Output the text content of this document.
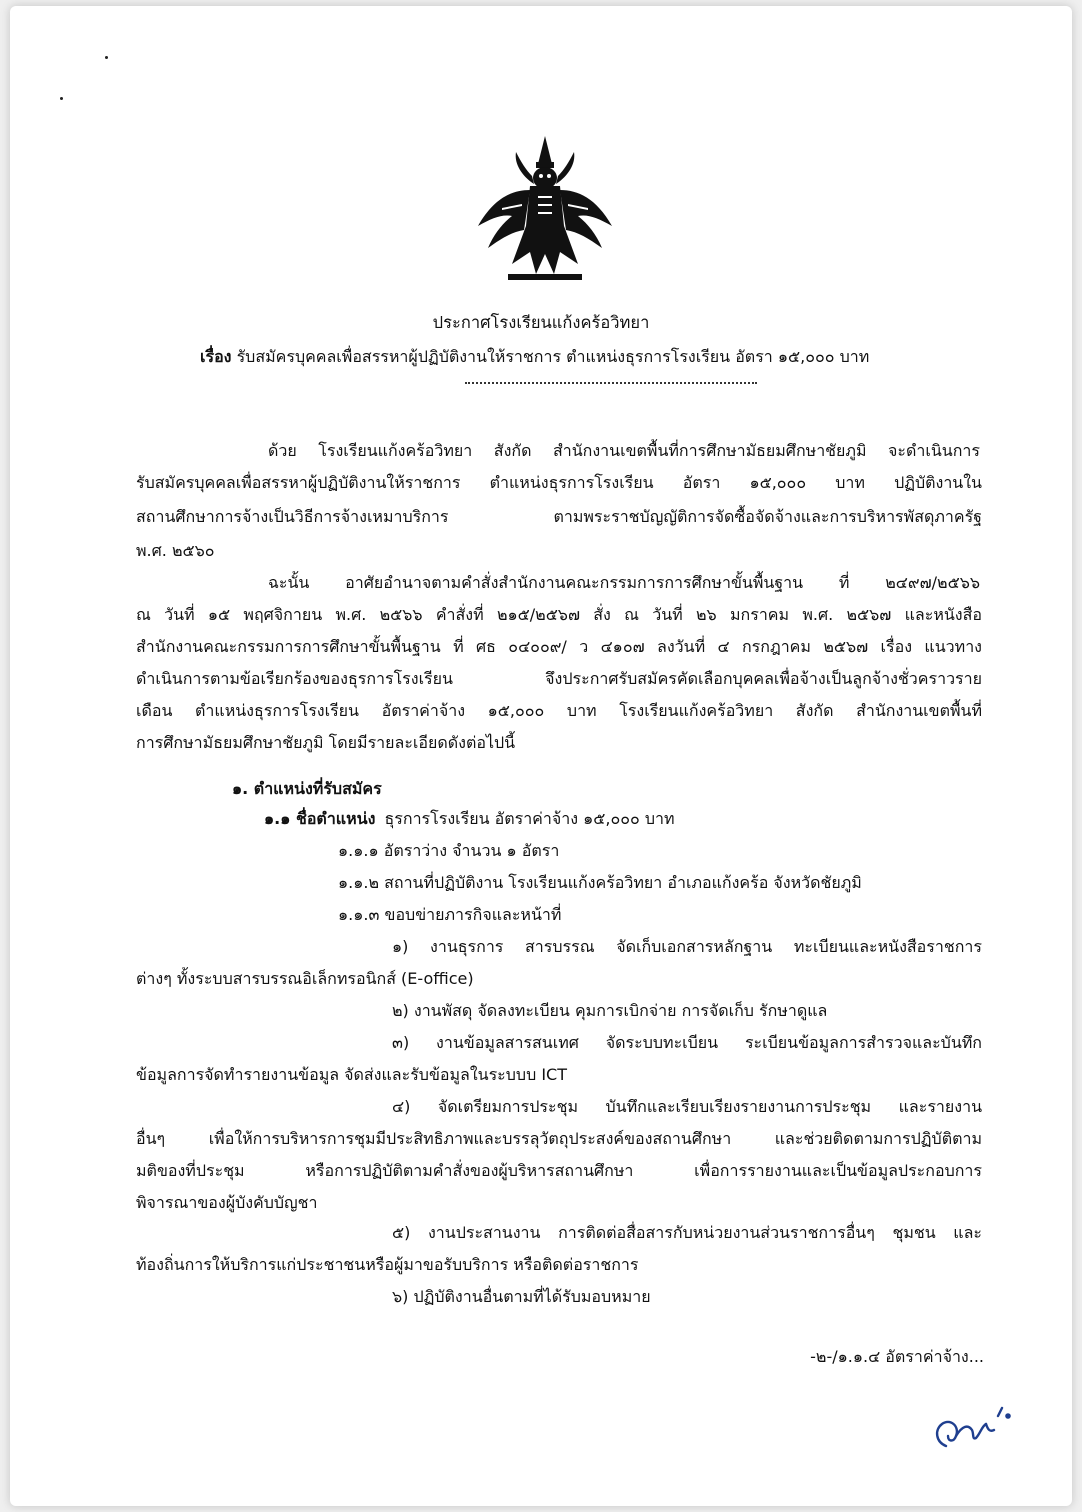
ประกาศโรงเรียนแก้งคร้อวิทยา
เรื่อง รับสมัครบุคคลเพื่อสรรหาผู้ปฏิบัติงานให้ราชการ ตำแหน่งธุรการโรงเรียน อัตรา ๑๕,๐๐๐ บาท
ด้วย โรงเรียนแก้งคร้อวิทยา สังกัด สำนักงานเขตพื้นที่การศึกษามัธยมศึกษาชัยภูมิ จะดำเนินการ
รับสมัครบุคคลเพื่อสรรหาผู้ปฏิบัติงานให้ราชการ ตำแหน่งธุรการโรงเรียน อัตรา ๑๕,๐๐๐ บาท ปฏิบัติงานใน
สถานศึกษาการจ้างเป็นวิธีการจ้างเหมาบริการ ตามพระราชบัญญัติการจัดซื้อจัดจ้างและการบริหารพัสดุภาครัฐ
พ.ศ. ๒๕๖๐
ฉะนั้น อาศัยอำนาจตามคำสั่งสำนักงานคณะกรรมการการศึกษาขั้นพื้นฐาน ที่ ๒๔๙๗/๒๕๖๖
ณ วันที่ ๑๕ พฤศจิกายน พ.ศ. ๒๕๖๖ คำสั่งที่ ๒๑๕/๒๕๖๗ สั่ง ณ วันที่ ๒๖ มกราคม พ.ศ. ๒๕๖๗ และหนังสือ
สำนักงานคณะกรรมการการศึกษาขั้นพื้นฐาน ที่ ศธ ๐๔๐๐๙/ ว ๔๑๐๗ ลงวันที่ ๔ กรกฎาคม ๒๕๖๗ เรื่อง แนวทาง
ดำเนินการตามข้อเรียกร้องของธุรการโรงเรียน จึงประกาศรับสมัครคัดเลือกบุคคลเพื่อจ้างเป็นลูกจ้างชั่วคราวราย
เดือน ตำแหน่งธุรการโรงเรียน อัตราค่าจ้าง ๑๕,๐๐๐ บาท โรงเรียนแก้งคร้อวิทยา สังกัด สำนักงานเขตพื้นที่
การศึกษามัธยมศึกษาชัยภูมิ โดยมีรายละเอียดดังต่อไปนี้
๑. ตำแหน่งที่รับสมัคร
๑.๑ ชื่อตำแหน่ง ธุรการโรงเรียน อัตราค่าจ้าง ๑๕,๐๐๐ บาท
๑.๑.๑ อัตราว่าง จำนวน ๑ อัตรา
๑.๑.๒ สถานที่ปฏิบัติงาน โรงเรียนแก้งคร้อวิทยา อำเภอแก้งคร้อ จังหวัดชัยภูมิ
๑.๑.๓ ขอบข่ายภารกิจและหน้าที่
๑) งานธุรการ สารบรรณ จัดเก็บเอกสารหลักฐาน ทะเบียนและหนังสือราชการ
ต่างๆ ทั้งระบบสารบรรณอิเล็กทรอนิกส์ (E-office)
๒) งานพัสดุ จัดลงทะเบียน คุมการเบิกจ่าย การจัดเก็บ รักษาดูแล
๓) งานข้อมูลสารสนเทศ จัดระบบทะเบียน ระเบียนข้อมูลการสำรวจและบันทึก
ข้อมูลการจัดทำรายงานข้อมูล จัดส่งและรับข้อมูลในระบบบ ICT
๔) จัดเตรียมการประชุม บันทึกและเรียบเรียงรายงานการประชุม และรายงาน
อื่นๆ เพื่อให้การบริหารการชุมมีประสิทธิภาพและบรรลุวัตถุประสงค์ของสถานศึกษา และช่วยติดตามการปฏิบัติตาม
มติของที่ประชุม หรือการปฏิบัติตามคำสั่งของผู้บริหารสถานศึกษา เพื่อการรายงานและเป็นข้อมูลประกอบการ
พิจารณาของผู้บังคับบัญชา
๕) งานประสานงาน การติดต่อสื่อสารกับหน่วยงานส่วนราชการอื่นๆ ชุมชน และ
ท้องถิ่นการให้บริการแก่ประชาชนหรือผู้มาขอรับบริการ หรือติดต่อราชการ
๖) ปฏิบัติงานอื่นตามที่ได้รับมอบหมาย
-๒-/๑.๑.๔ อัตราค่าจ้าง...
